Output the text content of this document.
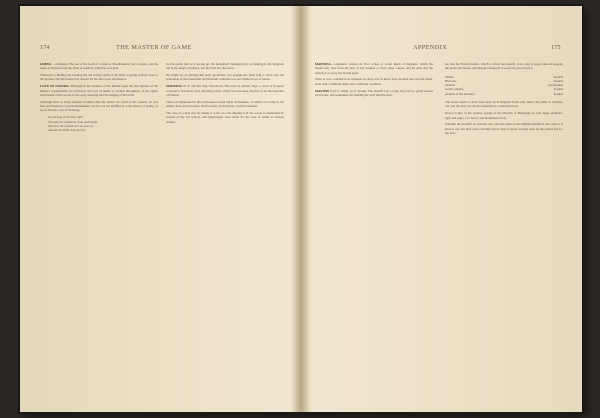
174	THE MASTER OF GAME

LIMER —continued. The use of the leash of a limer or bloodhound is very ancient, and the name is derived from the lyme or leash by which he was held.

When put to finding and tracking the old writers speak of the limer as going with his nose to the ground, and the hound was chosen for his fine scent and silence.

LOVE OF NATURE. Although in the treatises of the Middle Ages the descriptions of the hunter's requirements are technical, the love of nature is evident throughout, in the sights and sounds of the woods in the early morning and the singing of the birds.

Although there is every internal evidence that the author was fond of the country, he was first and foremost a practical huntsman; yet he was not indifferent to the beauty of spring, of sweet flowers, and of birdsong.

In morning at the first light
Through the meadows wide and bright
Whereas the hounds do run and cry
And all the birds sing merrily

So the gentle hart as it sprang up, the herdsman's hunting horn; no hunting in the kingdom but in the king's wardrobe, nor the frith nor the forest.

We might go on multiplying such quotations, but enough has been said to show that the sportsman of the fourteenth and fifteenth centuries was not without love of nature.

MADNESS. D. E. and Dit Eng. Woodcock. The word is written 'rage', a word of frequent occurrence in French texts, meaning rabies, which was the most dreaded of all the maladies of hounds.

There are mentioned in the old treatises seven kinds of madness, of which, according to the author, three are incurable, and four may be healed by careful treatment.

The cure of a mad dog by taking it to the sea and dipping it in the waves is mentioned by several of the old writers, and pilgrimages were made for the cure of rabies to various shrines.

APPENDIX	175

MADNESS—continued. Gaston de Foix writes of seven kinds of madness, which the hound may take from the heat of the weather or from other causes, and he adds that the remedy is to keep the hound apart.

What is now considered as madness in dogs was in those days divided into several kinds, each with a different name and a different treatment.

MASTIFF from F. mâtin, O. F. mastin. The mastiff was a large dog used to guard houses and flocks, and sometimes for hunting the wolf and the boar.

but that the French mastin, which is called our mastiff, was a dog of great value in keeping the herds and flocks, and though a mongrel it would do good service.

Mastin	hounds
Bien-nés	hounds
Alaunts	greyhounds
Gentle alaunts	hounds
Alaunts of the butchery	hounds

The breed seems to have been kept up in England from early times; the name is certainly old, and the dog was always regarded as a national breed.

Doctor Caius, in his treatise, speaks of the Mastive or Bandogge as vast, huge, stubborn, ugly and eager, of a heavy and burthenous body.

Whether the mastiffs of Gaston's day were the same as the English mastiff of later days it is hard to say, but they were certainly heavy dogs of great courage used for the guard and for the boar.
